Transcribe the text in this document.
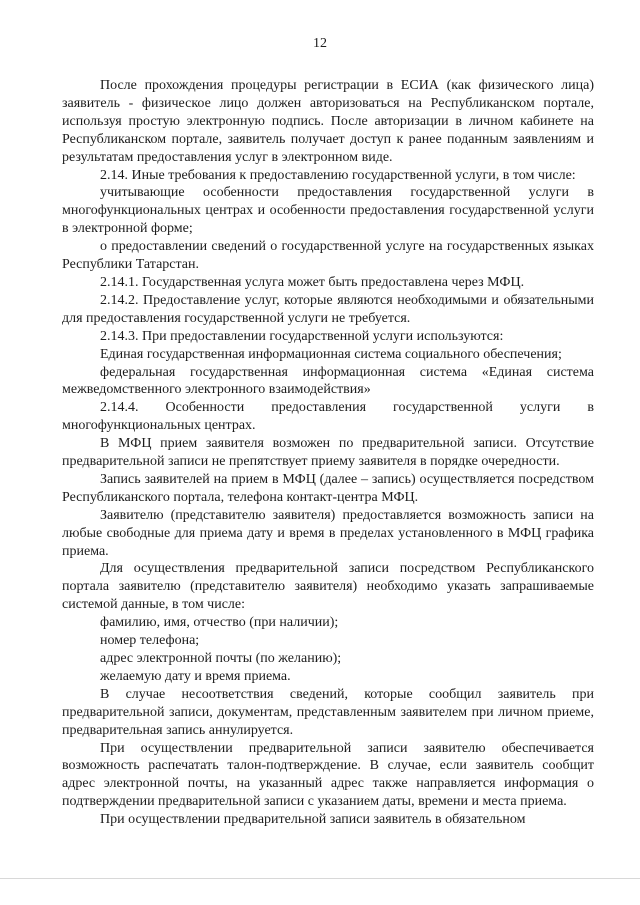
12

После прохождения процедуры регистрации в ЕСИА (как физического лица) заявитель - физическое лицо должен авторизоваться на Республиканском портале, используя простую электронную подпись. После авторизации в личном кабинете на Республиканском портале, заявитель получает доступ к ранее поданным заявлениям и результатам предоставления услуг в электронном виде.

2.14. Иные требования к предоставлению государственной услуги, в том числе:

учитывающие особенности предоставления государственной услуги в многофункциональных центрах и особенности предоставления государственной услуги в электронной форме;

о предоставлении сведений о государственной услуге на государственных языках Республики Татарстан.

2.14.1. Государственная услуга может быть предоставлена через МФЦ.

2.14.2. Предоставление услуг, которые являются необходимыми и обязательными для предоставления государственной услуги не требуется.

2.14.3. При предоставлении государственной услуги используются:

Единая государственная информационная система социального обеспечения;

федеральная государственная информационная система «Единая система межведомственного электронного взаимодействия»

2.14.4. Особенности предоставления государственной услуги в многофункциональных центрах.

В МФЦ прием заявителя возможен по предварительной записи. Отсутствие предварительной записи не препятствует приему заявителя в порядке очередности.

Запись заявителей на прием в МФЦ (далее – запись) осуществляется посредством Республиканского портала, телефона контакт-центра МФЦ.

Заявителю (представителю заявителя) предоставляется возможность записи на любые свободные для приема дату и время в пределах установленного в МФЦ графика приема.

Для осуществления предварительной записи посредством Республиканского портала заявителю (представителю заявителя) необходимо указать запрашиваемые системой данные, в том числе:

фамилию, имя, отчество (при наличии);

номер телефона;

адрес электронной почты (по желанию);

желаемую дату и время приема.

В случае несоответствия сведений, которые сообщил заявитель при предварительной записи, документам, представленным заявителем при личном приеме, предварительная запись аннулируется.

При осуществлении предварительной записи заявителю обеспечивается возможность распечатать талон-подтверждение. В случае, если заявитель сообщит адрес электронной почты, на указанный адрес также направляется информация о подтверждении предварительной записи с указанием даты, времени и места приема.

При осуществлении предварительной записи заявитель в обязательном
